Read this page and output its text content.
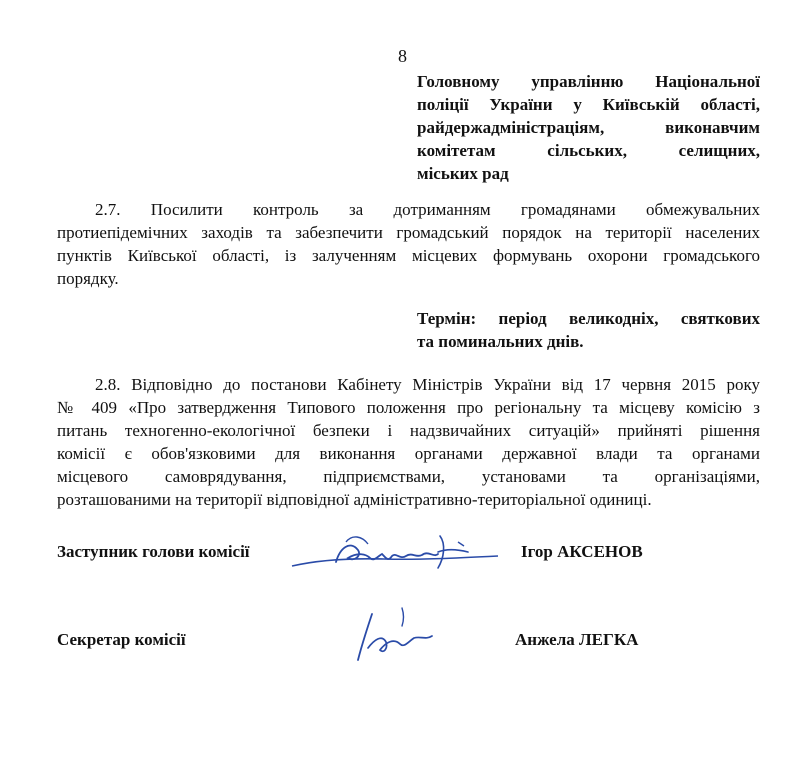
8
Головному управлінню Національної
поліції України у Київській області,
райдержадміністраціям, виконавчим
комітетам сільських, селищних,
міських рад
2.7. Посилити контроль за дотриманням громадянами обмежувальних
протиепідемічних заходів та забезпечити громадський порядок на території населених
пунктів Київської області, із залученням місцевих формувань охорони громадського
порядку.
Термін: період великодніх, святкових
та поминальних днів.
2.8. Відповідно до постанови Кабінету Міністрів України від 17 червня 2015 року
№ 409 «Про затвердження Типового положення про регіональну та місцеву комісію з
питань техногенно-екологічної безпеки і надзвичайних ситуацій» прийняті рішення
комісії є обов'язковими для виконання органами державної влади та органами
місцевого самоврядування, підприємствами, установами та організаціями,
розташованими на території відповідної адміністративно-територіальної одиниці.
Заступник голови комісії	Ігор АКСЕНОВ
Секретар комісії	Анжела ЛЕГКА
